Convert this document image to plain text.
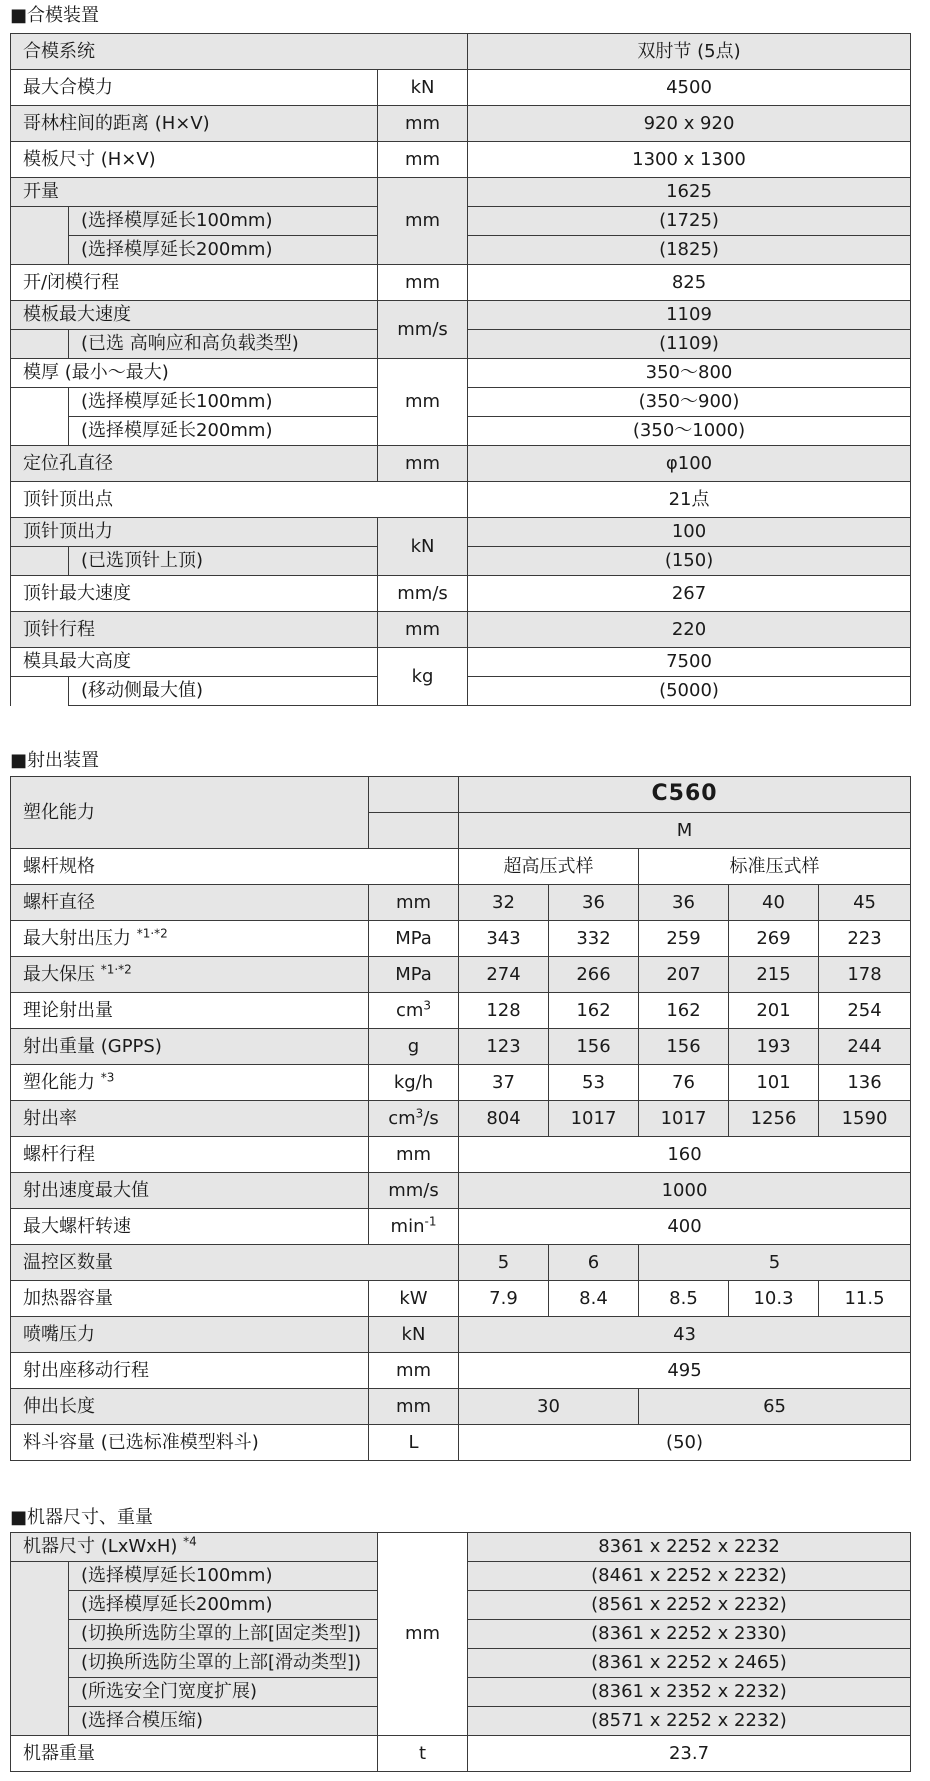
■合模装置
合模系统			双肘节 (5点)
最大合模力		kN	4500
哥林柱间的距离 (H×V)		mm	920 x 920
模板尺寸 (H×V)		mm	1300 x 1300
开量		mm	1625
	(选择模厚延长100mm)		(1725)
	(选择模厚延长200mm)		(1825)
开/闭模行程		mm	825
模板最大速度		mm/s	1109
	(已选 高响应和高负载类型)		(1109)
模厚 (最小～最大)		mm	350～800
	(选择模厚延长100mm)		(350～900)
	(选择模厚延长200mm)		(350～1000)
定位孔直径		mm	φ100
顶针顶出点			21点
顶针顶出力		kN	100
	(已选顶针上顶)		(150)
顶针最大速度		mm/s	267
顶针行程		mm	220
模具最大高度		kg	7500
	(移动侧最大值)		(5000)
■射出装置
塑化能力		C560				
		M				
螺杆规格		超高压式样		标准压式样		
螺杆直径	mm	32	36	36	40	45
最大射出压力 $^{*1\cdot*2}$	MPa	343	332	259	269	223
最大保压 $^{*1\cdot*2}$	MPa	274	266	207	215	178
理论射出量	$cm^3$	128	162	162	201	254
射出重量 (GPPS)	g	123	156	156	193	244
塑化能力 $^{*3}$	kg/h	37	53	76	101	136
射出率	$cm^3/s$	804	1017	1017	1256	1590
螺杆行程	mm	160				
射出速度最大值	mm/s	1000				
最大螺杆转速	$\min^{-1}$	400				
温控区数量		5	6	5		
加热器容量	kW	7.9	8.4	8.5	10.3	11.5
喷嘴压力	kN	43				
射出座移动行程	mm	495				
伸出长度	mm	30		65		
料斗容量 (已选标准模型料斗)	L	(50)				
■机器尺寸、重量
机器尺寸 (LxWxH) $^{*4}$		mm	8361 x 2252 x 2232
	(选择模厚延长100mm)		(8461 x 2252 x 2232)
	(选择模厚延长200mm)		(8561 x 2252 x 2232)
	(切换所选防尘罩的上部[固定类型])		(8361 x 2252 x 2330)
	(切换所选防尘罩的上部[滑动类型])		(8361 x 2252 x 2465)
	(所选安全门宽度扩展)		(8361 x 2352 x 2232)
	(选择合模压缩)		(8571 x 2252 x 2232)
机器重量		t	23.7
